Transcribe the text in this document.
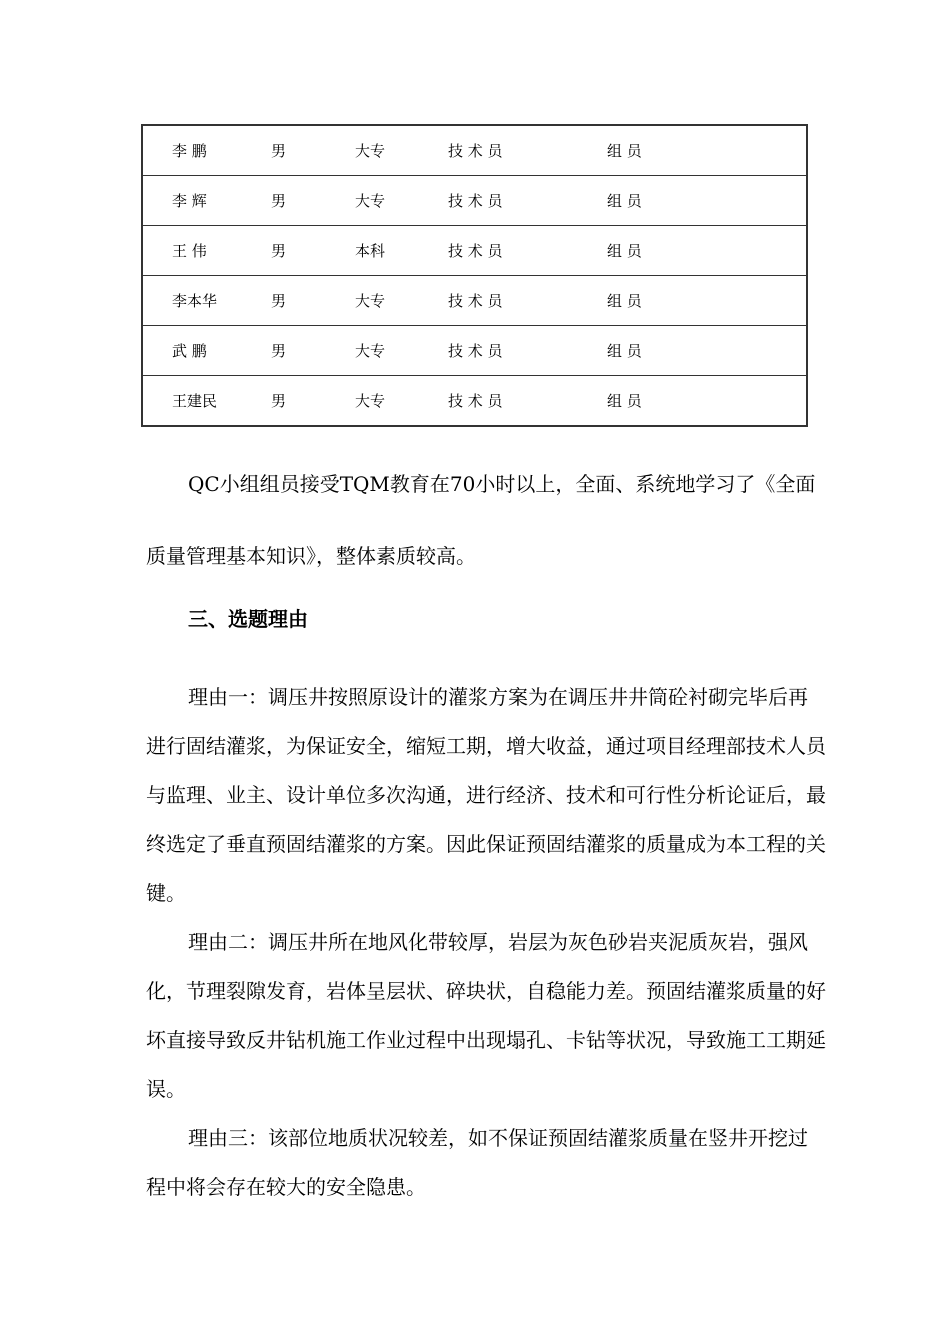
李 鹏	男	大专	技 术 员	组 员
李 辉	男	大专	技 术 员	组 员
王 伟	男	本科	技 术 员	组 员
李本华	男	大专	技 术 员	组 员
武 鹏	男	大专	技 术 员	组 员
王建民	男	大专	技 术 员	组 员

QC小组组员接受TQM教育在70小时以上，全面、系统地学习了《全面质量管理基本知识》，整体素质较高。

三、选题理由

理由一：调压井按照原设计的灌浆方案为在调压井井筒砼衬砌完毕后再进行固结灌浆，为保证安全，缩短工期，增大收益，通过项目经理部技术人员与监理、业主、设计单位多次沟通，进行经济、技术和可行性分析论证后，最终选定了垂直预固结灌浆的方案。因此保证预固结灌浆的质量成为本工程的关键。

理由二：调压井所在地风化带较厚，岩层为灰色砂岩夹泥质灰岩，强风化，节理裂隙发育，岩体呈层状、碎块状，自稳能力差。预固结灌浆质量的好坏直接导致反井钻机施工作业过程中出现塌孔、卡钻等状况，导致施工工期延误。

理由三：该部位地质状况较差，如不保证预固结灌浆质量在竖井开挖过程中将会存在较大的安全隐患。
